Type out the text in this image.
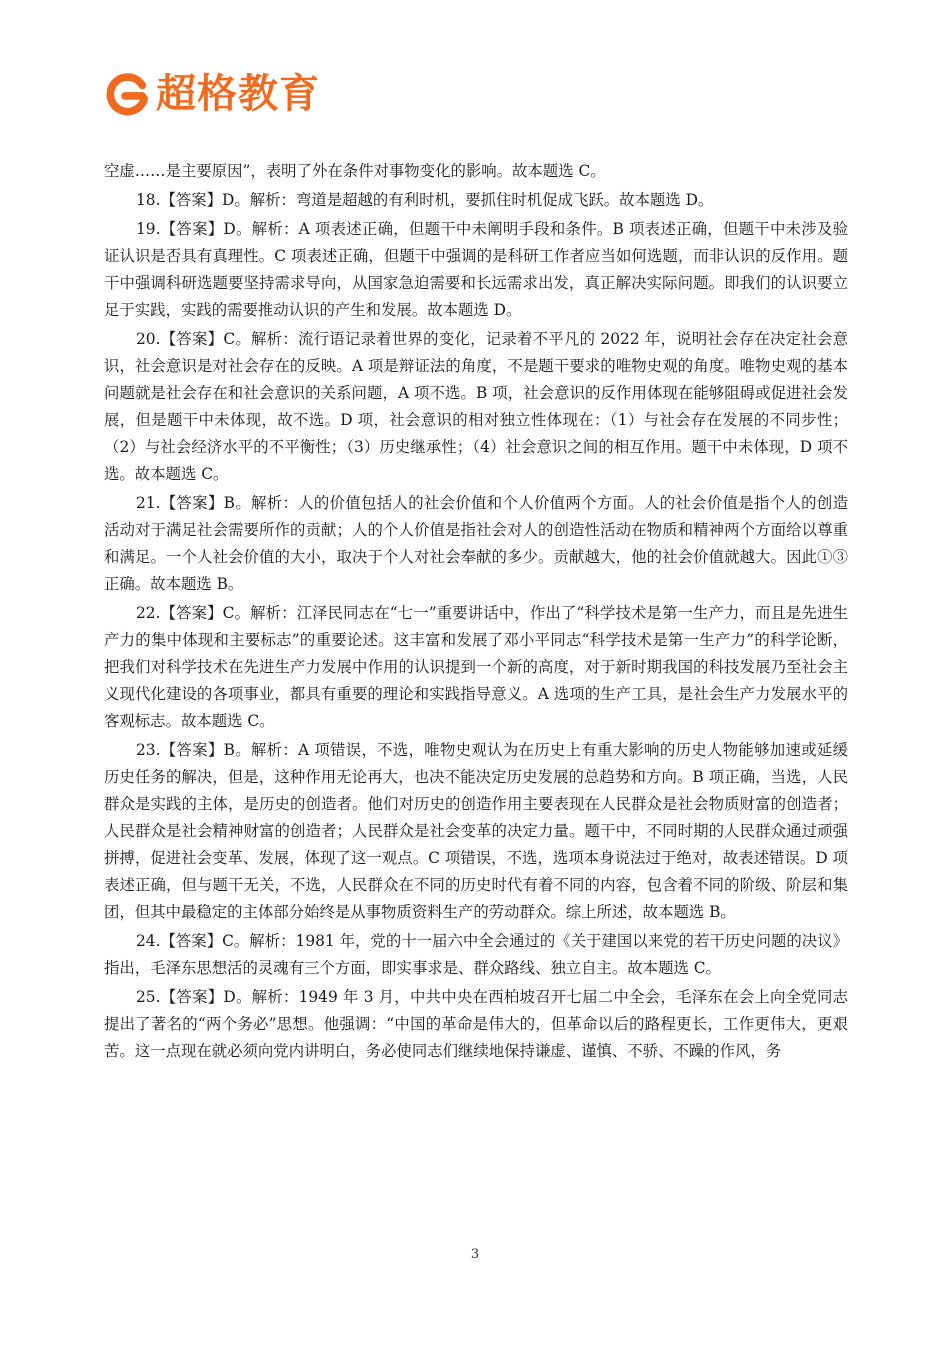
超格教育

空虚……是主要原因”，表明了外在条件对事物变化的影响。故本题选 C。

18.【答案】D。解析：弯道是超越的有利时机，要抓住时机促成飞跃。故本题选 D。

19.【答案】D。解析：A 项表述正确，但题干中未阐明手段和条件。B 项表述正确，但题干中未涉及验证认识是否具有真理性。C 项表述正确，但题干中强调的是科研工作者应当如何选题，而非认识的反作用。题干中强调科研选题要坚持需求导向，从国家急迫需要和长远需求出发，真正解决实际问题。即我们的认识要立足于实践，实践的需要推动认识的产生和发展。故本题选 D。

20.【答案】C。解析：流行语记录着世界的变化，记录着不平凡的 2022 年，说明社会存在决定社会意识，社会意识是对社会存在的反映。A 项是辩证法的角度，不是题干要求的唯物史观的角度。唯物史观的基本问题就是社会存在和社会意识的关系问题，A 项不选。B 项，社会意识的反作用体现在能够阻碍或促进社会发展，但是题干中未体现，故不选。D 项，社会意识的相对独立性体现在：（1）与社会存在发展的不同步性；（2）与社会经济水平的不平衡性；（3）历史继承性；（4）社会意识之间的相互作用。题干中未体现，D 项不选。故本题选 C。

21.【答案】B。解析：人的价值包括人的社会价值和个人价值两个方面。人的社会价值是指个人的创造活动对于满足社会需要所作的贡献；人的个人价值是指社会对人的创造性活动在物质和精神两个方面给以尊重和满足。一个人社会价值的大小，取决于个人对社会奉献的多少。贡献越大，他的社会价值就越大。因此①③正确。故本题选 B。

22.【答案】C。解析：江泽民同志在“七一”重要讲话中，作出了“科学技术是第一生产力，而且是先进生产力的集中体现和主要标志”的重要论述。这丰富和发展了邓小平同志“科学技术是第一生产力”的科学论断，把我们对科学技术在先进生产力发展中作用的认识提到一个新的高度，对于新时期我国的科技发展乃至社会主义现代化建设的各项事业，都具有重要的理论和实践指导意义。A 选项的生产工具，是社会生产力发展水平的客观标志。故本题选 C。

23.【答案】B。解析：A 项错误，不选，唯物史观认为在历史上有重大影响的历史人物能够加速或延缓历史任务的解决，但是，这种作用无论再大，也决不能决定历史发展的总趋势和方向。B 项正确，当选，人民群众是实践的主体，是历史的创造者。他们对历史的创造作用主要表现在人民群众是社会物质财富的创造者；人民群众是社会精神财富的创造者；人民群众是社会变革的决定力量。题干中，不同时期的人民群众通过顽强拼搏，促进社会变革、发展，体现了这一观点。C 项错误，不选，选项本身说法过于绝对，故表述错误。D 项表述正确，但与题干无关，不选，人民群众在不同的历史时代有着不同的内容，包含着不同的阶级、阶层和集团，但其中最稳定的主体部分始终是从事物质资料生产的劳动群众。综上所述，故本题选 B。

24.【答案】C。解析：1981 年，党的十一届六中全会通过的《关于建国以来党的若干历史问题的决议》指出，毛泽东思想活的灵魂有三个方面，即实事求是、群众路线、独立自主。故本题选 C。

25.【答案】D。解析：1949 年 3 月，中共中央在西柏坡召开七届二中全会，毛泽东在会上向全党同志提出了著名的“两个务必”思想。他强调：“中国的革命是伟大的，但革命以后的路程更长，工作更伟大，更艰苦。这一点现在就必须向党内讲明白，务必使同志们继续地保持谦虚、谨慎、不骄、不躁的作风，务

3
